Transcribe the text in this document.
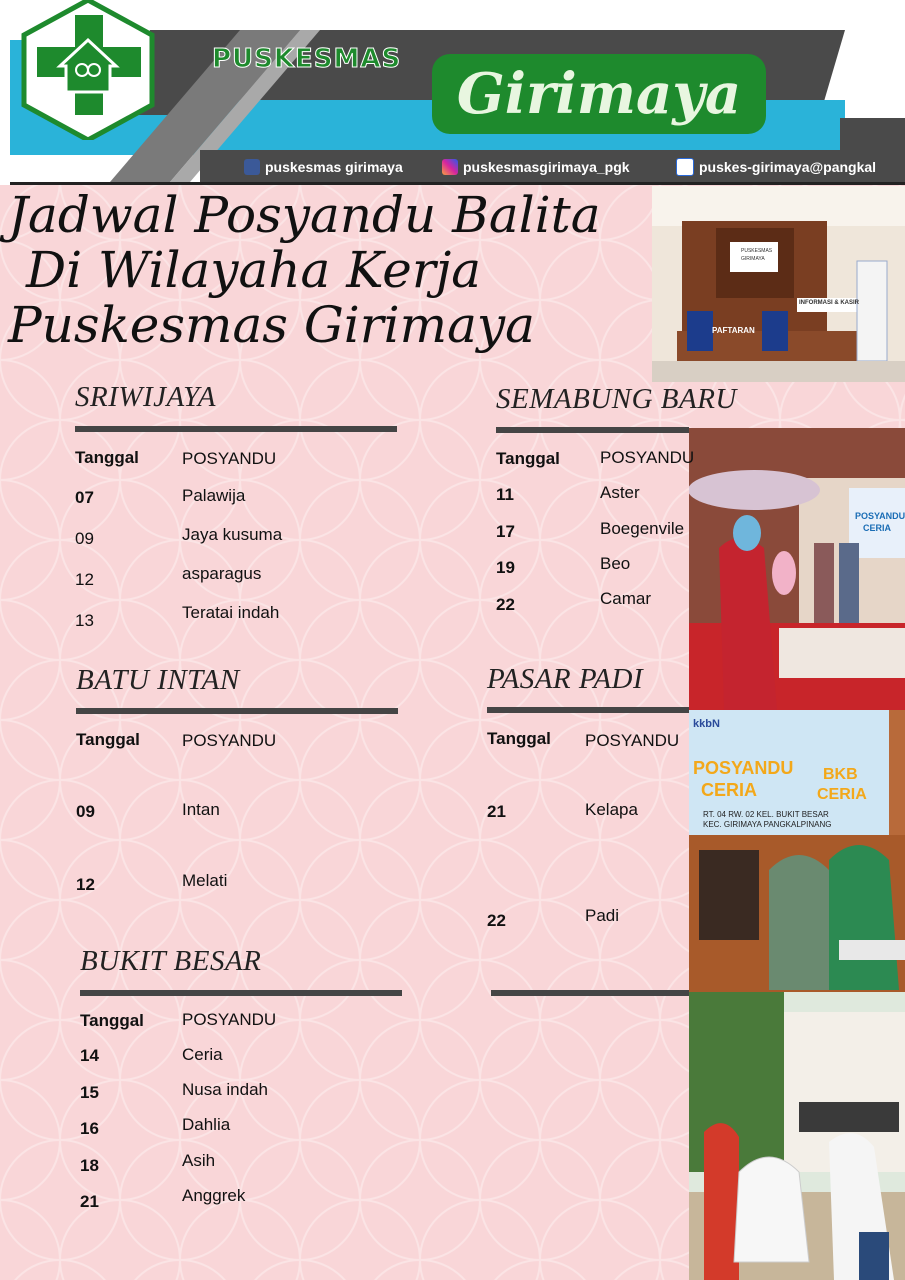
PUSKESMAS
Girimaya
puskesmas girimaya	puskesmasgirimaya_pgk	puskes-girimaya@pangkal
Jadwal Posyandu Balita
Di Wilayaha Kerja
Puskesmas Girimaya
PUSKESMAS
GIRIMAYA
INFORMASI & KASIR
PAFTARAN
POSYANDU
CERIA
kkbN
POSYANDU
CERIA
BKB
CERIA
RT. 04 RW. 02 KEL. BUKIT BESAR
KEC. GIRIMAYA PANGKALPINANG
SRIWIJAYA
Tanggal	POSYANDU
07	Palawija
09	Jaya kusuma
12	asparagus
13	Teratai indah
SEMABUNG BARU
Tanggal POSYANDU
11	Aster
17	Boegenvile
19	Beo
22	Camar
BATU INTAN
Tanggal POSYANDU
09	Intan
12	Melati
PASAR PADI
Tanggal POSYANDU
21	Kelapa
22	Padi
BUKIT BESAR
Tanggal POSYANDU
14	Ceria
15	Nusa indah
16	Dahlia
18	Asih
21	Anggrek
